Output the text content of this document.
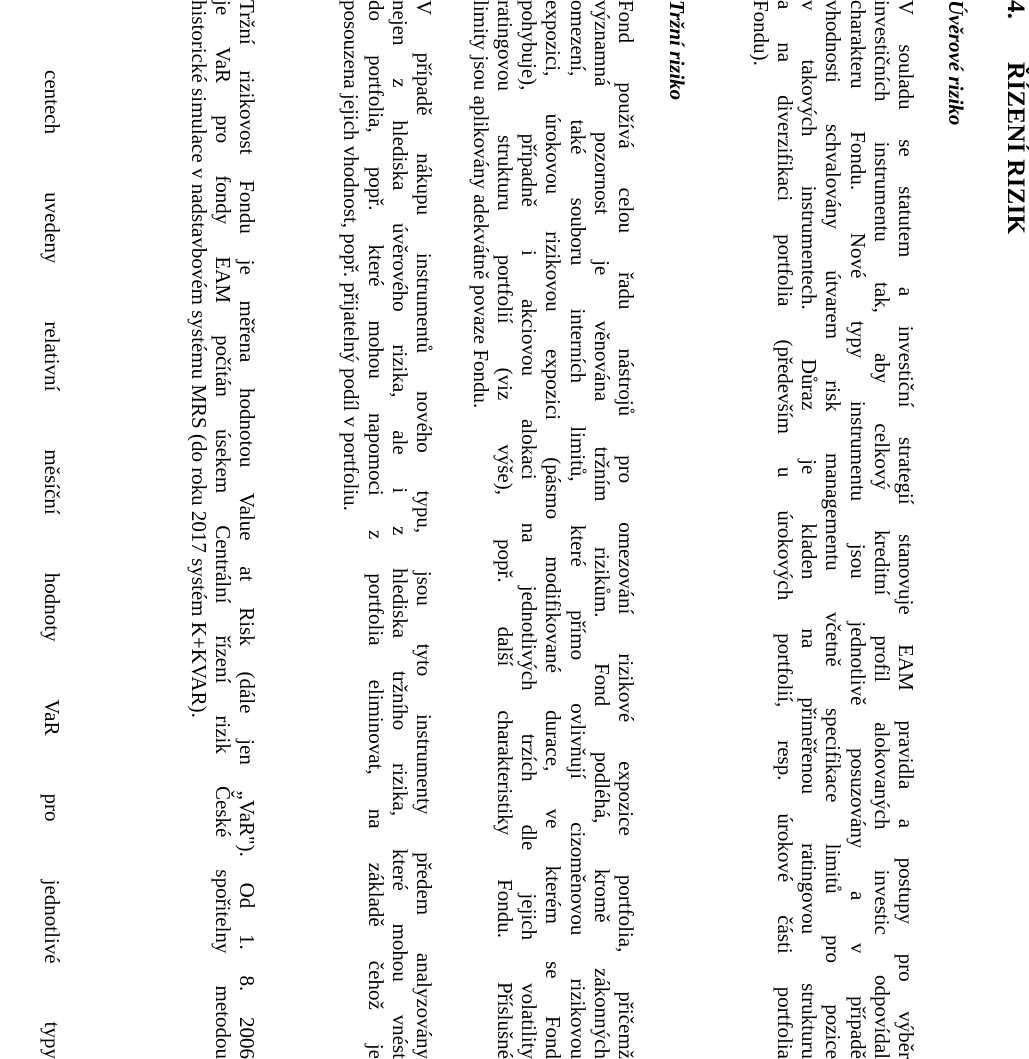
4.ŘÍZENÍ RIZIK
Úvěrové riziko
V souladu se statutem a investiční strategií stanovuje EAM pravidla a postupy pro výběr
investičních instrumentu tak, aby celkový kreditní profil alokovaných investic odpovídal
charakteru Fondu. Nové typy instrumentu jsou jednotlivě posuzovány a v případě
vhodnosti schvalovány útvarem risk managementu včetně specifikace limitů pro pozice
v takových instrumentech. Důraz je kladen na přiměřenou ratingovou strukturu
a na diverzifikaci portfolia (především u úrokových portfolií, resp. úrokové části portfolia
Fondu).
Tržní riziko
Fond používá celou řadu nástrojů pro omezování rizikové expozice portfolia, přičemž
významná pozornost je věnována tržním rizikům. Fond podléhá, kromě zákonných
omezení, také souboru interních limitů, které přímo ovlivňují cizoměnovou rizikovou
expozici, úrokovou rizikovou expozici (pásmo modifikované durace, ve kterém se Fond
pohybuje), případně i akciovou alokaci na jednotlivých trzích dle jejich volatility
ratingovou strukturu portfolií (viz výše), popř. další charakteristiky Fondu. Příslušné
limity jsou aplikovány adekvátně povaze Fondu.
V případě nákupu instrumentů nového typu, jsou tyto instrumenty předem analyzovány
nejen z hlediska úvěrového rizika, ale i z hlediska tržního rizika, které mohou vnést
do portfolia, popř. které mohou napomoci z portfolia eliminovat, na základě čehož je
posouzena jejich vhodnost, popř. přijatelný podíl v portfoliu.
Tržní rizikovost Fondu je měřena hodnotou Value at Risk (dále jen „VaR"). Od 1. 8. 2006
je VaR pro fondy EAM počítán úsekem Centrální řízení rizik České spořitelny metodou
historické simulace v nadstavbovém systému MRS (do roku 2017 systém K+KVAR).
centech uvedeny relativní měsíční hodnoty VaR pro jednotlivé typy
